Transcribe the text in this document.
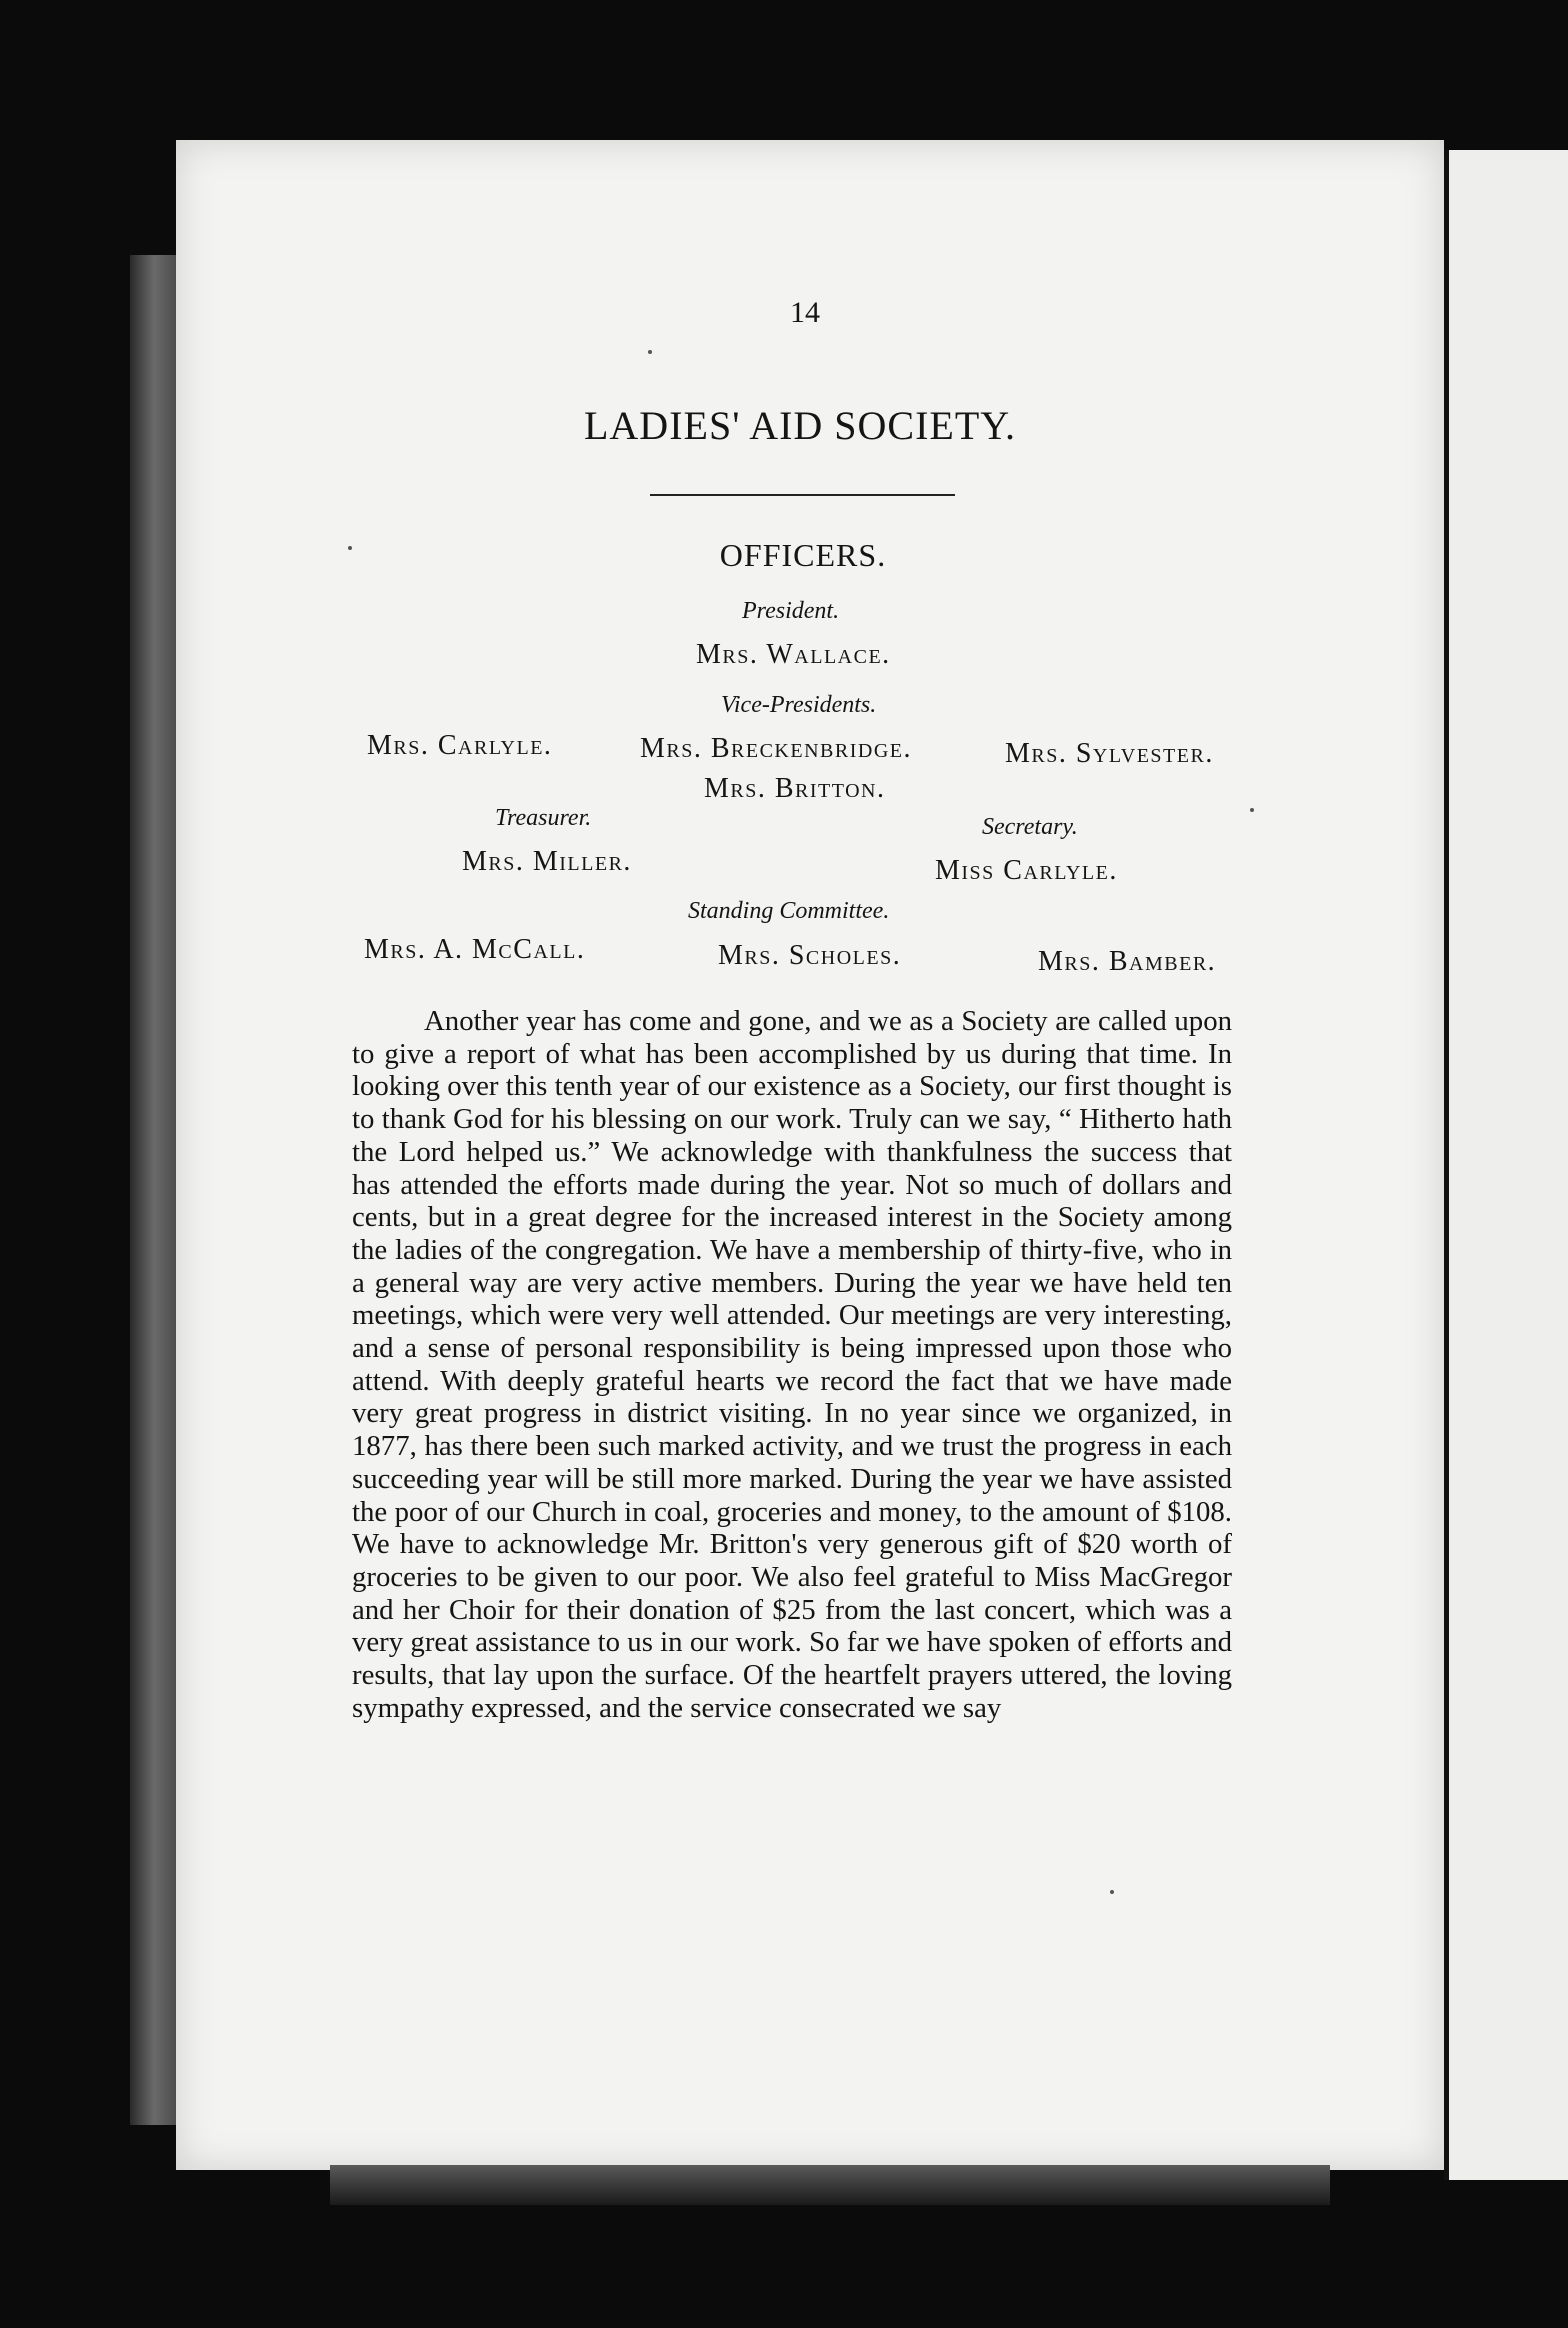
14
LADIES' AID SOCIETY.
OFFICERS.
President.
Mrs. Wallace.
Vice-Presidents.
Mrs. Carlyle.	Mrs. Breckenbridge.	Mrs. Sylvester.
Mrs. Britton.
Treasurer.
Mrs. Miller.
Secretary.
Miss Carlyle.
Standing Committee.
Mrs. A. McCall.	Mrs. Scholes.	Mrs. Bamber.

Another year has come and gone, and we as a Society are called upon to give a report of what has been accomplished by us during that time. In looking over this tenth year of our existence as a Society, our first thought is to thank God for his blessing on our work. Truly can we say, “ Hitherto hath the Lord helped us.” We acknowledge with thankfulness the success that has attended the efforts made during the year. Not so much of dollars and cents, but in a great degree for the increased interest in the Society among the ladies of the congregation. We have a membership of thirty-five, who in a general way are very active members. During the year we have held ten meetings, which were very well attended. Our meetings are very interesting, and a sense of personal responsibility is being impressed upon those who attend. With deeply grateful hearts we record the fact that we have made very great progress in district visiting. In no year since we organized, in 1877, has there been such marked activity, and we trust the progress in each succeeding year will be still more marked. During the year we have assisted the poor of our Church in coal, groceries and money, to the amount of $108. We have to acknowledge Mr. Britton's very generous gift of $20 worth of groceries to be given to our poor. We also feel grateful to Miss MacGregor and her Choir for their donation of $25 from the last concert, which was a very great assistance to us in our work. So far we have spoken of efforts and results, that lay upon the surface. Of the heartfelt prayers uttered, the loving sympathy expressed, and the service consecrated we say
